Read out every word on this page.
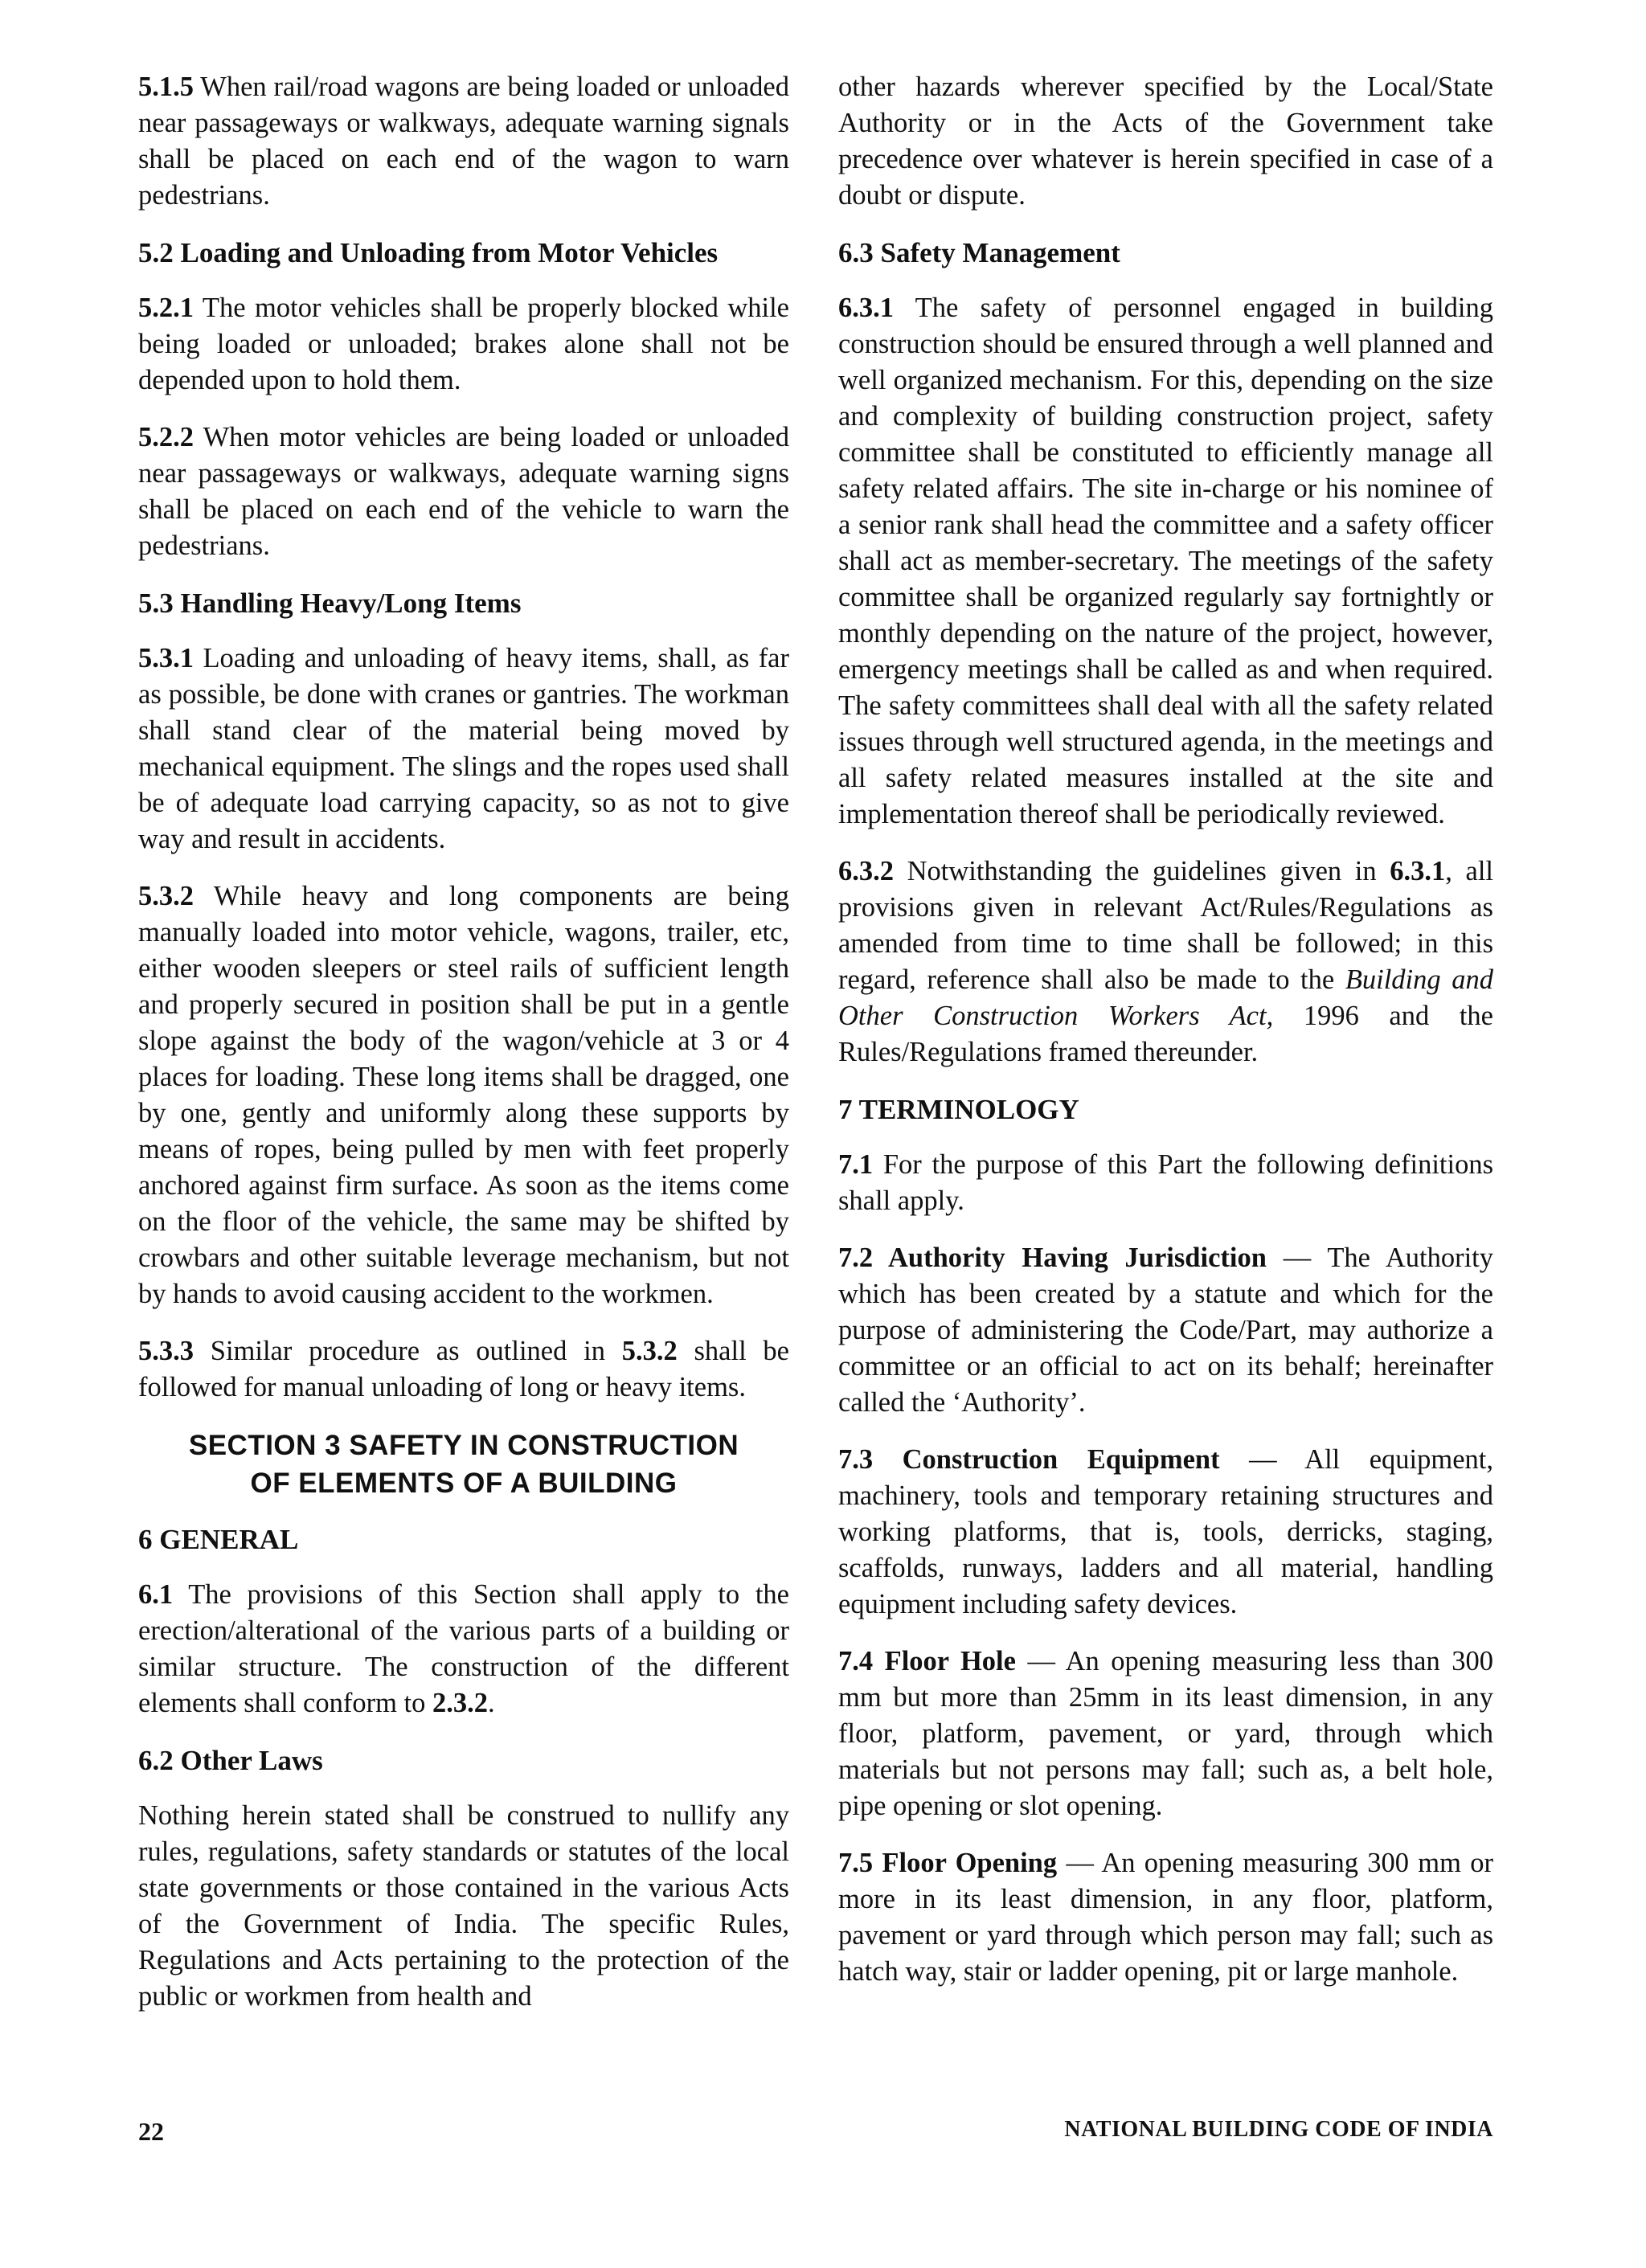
5.1.5 When rail/road wagons are being loaded or unloaded near passageways or walkways, adequate warning signals shall be placed on each end of the wagon to warn pedestrians.

5.2 Loading and Unloading from Motor Vehicles

5.2.1 The motor vehicles shall be properly blocked while being loaded or unloaded; brakes alone shall not be depended upon to hold them.

5.2.2 When motor vehicles are being loaded or unloaded near passageways or walkways, adequate warning signs shall be placed on each end of the vehicle to warn the pedestrians.

5.3 Handling Heavy/Long Items

5.3.1 Loading and unloading of heavy items, shall, as far as possible, be done with cranes or gantries. The workman shall stand clear of the material being moved by mechanical equipment. The slings and the ropes used shall be of adequate load carrying capacity, so as not to give way and result in accidents.

5.3.2 While heavy and long components are being manually loaded into motor vehicle, wagons, trailer, etc, either wooden sleepers or steel rails of sufficient length and properly secured in position shall be put in a gentle slope against the body of the wagon/vehicle at 3 or 4 places for loading. These long items shall be dragged, one by one, gently and uniformly along these supports by means of ropes, being pulled by men with feet properly anchored against firm surface. As soon as the items come on the floor of the vehicle, the same may be shifted by crowbars and other suitable leverage mechanism, but not by hands to avoid causing accident to the workmen.

5.3.3 Similar procedure as outlined in 5.3.2 shall be followed for manual unloading of long or heavy items.

SECTION 3 SAFETY IN CONSTRUCTION
OF ELEMENTS OF A BUILDING
6 GENERAL

6.1 The provisions of this Section shall apply to the erection/alterational of the various parts of a building or similar structure. The construction of the different elements shall conform to 2.3.2.

6.2 Other Laws

Nothing herein stated shall be construed to nullify any rules, regulations, safety standards or statutes of the local state governments or those contained in the various Acts of the Government of India. The specific Rules, Regulations and Acts pertaining to the protection of the public or workmen from health and

other hazards wherever specified by the Local/State Authority or in the Acts of the Government take precedence over whatever is herein specified in case of a doubt or dispute.

6.3 Safety Management

6.3.1 The safety of personnel engaged in building construction should be ensured through a well planned and well organized mechanism. For this, depending on the size and complexity of building construction project, safety committee shall be constituted to efficiently manage all safety related affairs. The site in-charge or his nominee of a senior rank shall head the committee and a safety officer shall act as member-secretary. The meetings of the safety committee shall be organized regularly say fortnightly or monthly depending on the nature of the project, however, emergency meetings shall be called as and when required. The safety committees shall deal with all the safety related issues through well structured agenda, in the meetings and all safety related measures installed at the site and implementation thereof shall be periodically reviewed.

6.3.2 Notwithstanding the guidelines given in 6.3.1, all provisions given in relevant Act/Rules/Regulations as amended from time to time shall be followed; in this regard, reference shall also be made to the Building and Other Construction Workers Act, 1996 and the Rules/Regulations framed thereunder.

7 TERMINOLOGY

7.1 For the purpose of this Part the following definitions shall apply.

7.2 Authority Having Jurisdiction — The Authority which has been created by a statute and which for the purpose of administering the Code/Part, may authorize a committee or an official to act on its behalf; hereinafter called the ‘Authority’.

7.3 Construction Equipment — All equipment, machinery, tools and temporary retaining structures and working platforms, that is, tools, derricks, staging, scaffolds, runways, ladders and all material, handling equipment including safety devices.

7.4 Floor Hole — An opening measuring less than 300 mm but more than 25mm in its least dimension, in any floor, platform, pavement, or yard, through which materials but not persons may fall; such as, a belt hole, pipe opening or slot opening.

7.5 Floor Opening — An opening measuring 300 mm or more in its least dimension, in any floor, platform, pavement or yard through which person may fall; such as hatch way, stair or ladder opening, pit or large manhole.

22	NATIONAL BUILDING CODE OF INDIA
